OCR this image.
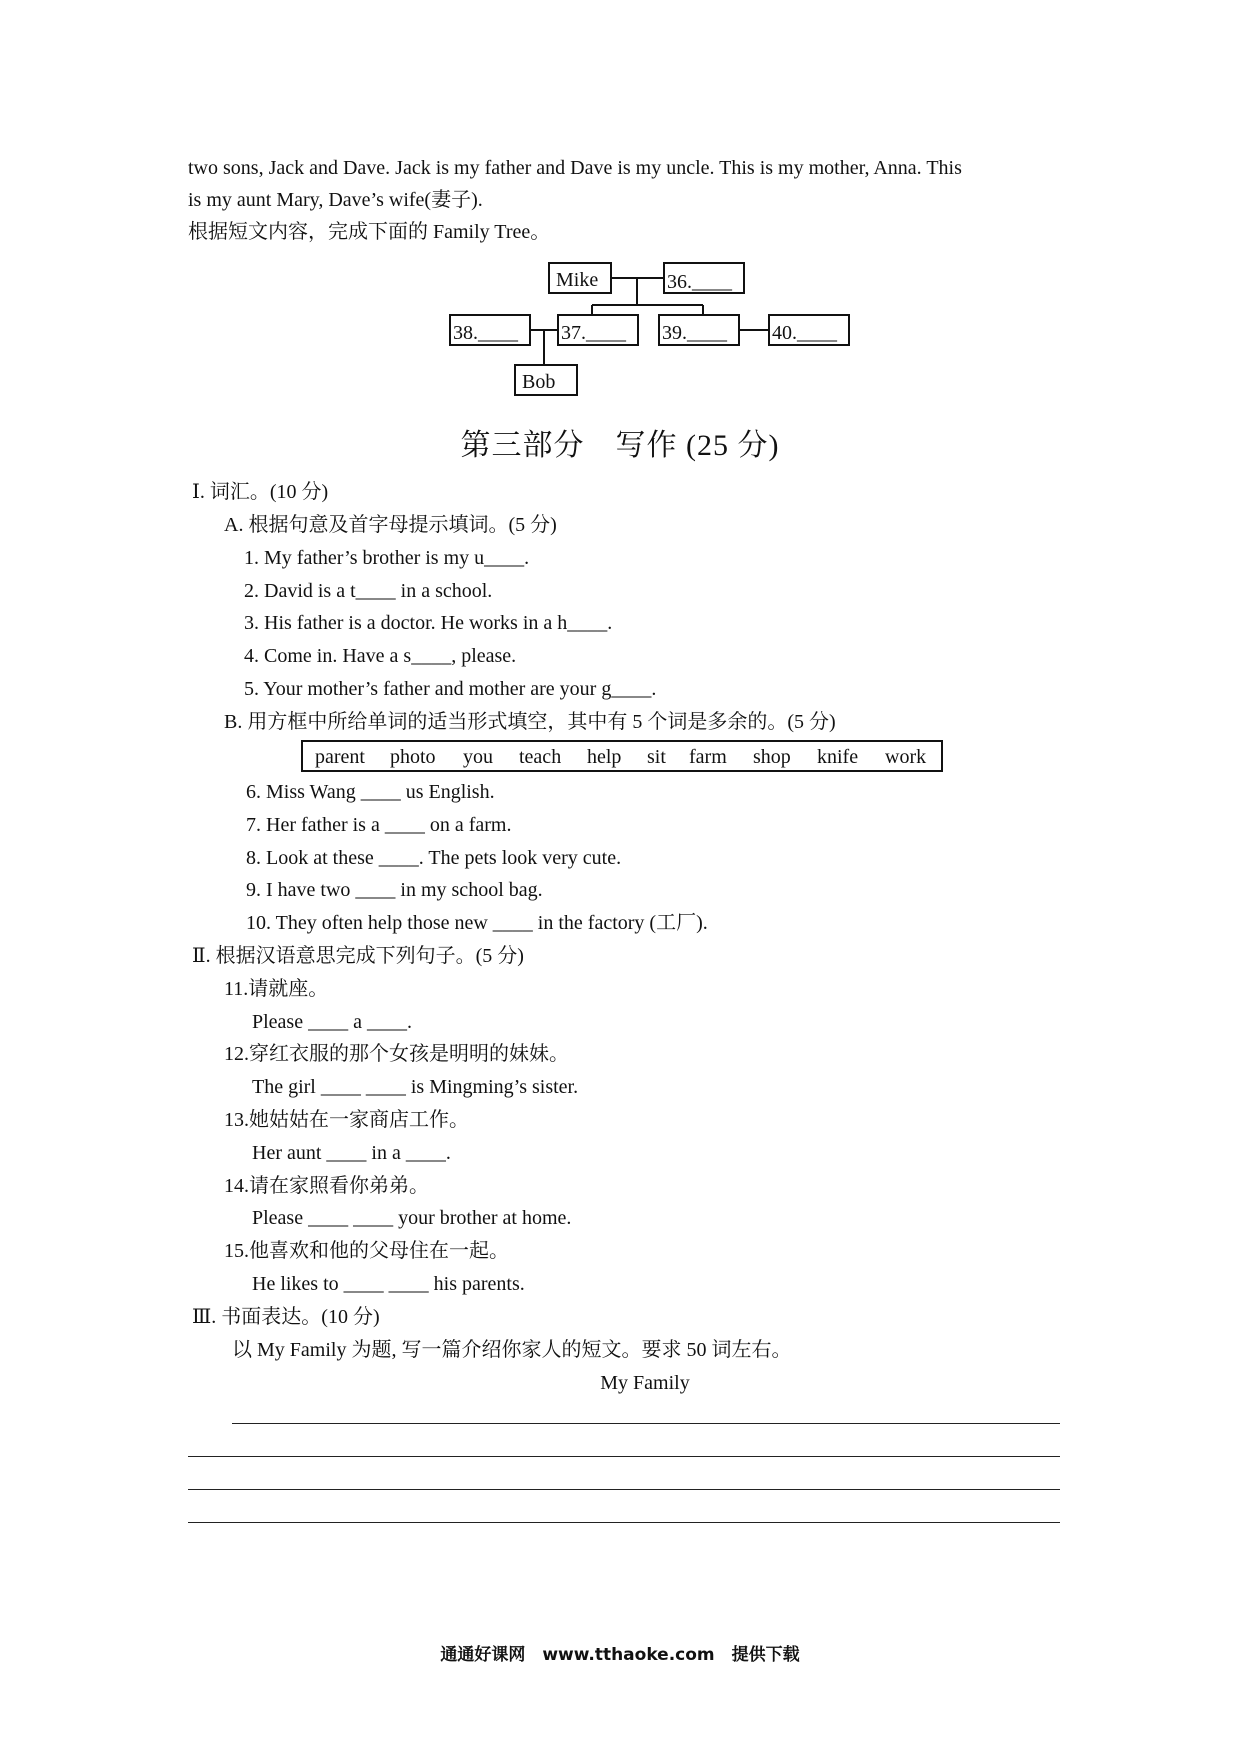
two sons, Jack and Dave. Jack is my father and Dave is my uncle. This is my mother, Anna. This
is my aunt Mary, Dave’s wife(妻子).
根据短文内容，完成下面的 Family Tree。
Mike	36.____
38.____ 37.____ 39.____ 40.____
Bob
第三部分　写作 (25 分)
Ⅰ. 词汇。(10 分)
A. 根据句意及首字母提示填词。(5 分)
1. My father’s brother is my u____.
2. David is a t____ in a school.
3. His father is a doctor. He works in a h____.
4. Come in. Have a s____, please.
5. Your mother’s father and mother are your g____.
B. 用方框中所给单词的适当形式填空，其中有 5 个词是多余的。(5 分)
parent photo you teach help sit farm shop knife work
6. Miss Wang ____ us English.
7. Her father is a ____ on a farm.
8. Look at these ____. The pets look very cute.
9. I have two ____ in my school bag.
10. They often help those new ____ in the factory (工厂).
Ⅱ. 根据汉语意思完成下列句子。(5 分)
11.请就座。
Please ____ a ____.
12.穿红衣服的那个女孩是明明的妹妹。
The girl ____ ____ is Mingming’s sister.
13.她姑姑在一家商店工作。
Her aunt ____ in a ____.
14.请在家照看你弟弟。
Please ____ ____ your brother at home.
15.他喜欢和他的父母住在一起。
He likes to ____ ____ his parents.
Ⅲ. 书面表达。(10 分)
以 My Family 为题, 写一篇介绍你家人的短文。要求 50 词左右。
My Family
通通好课网　www.tthaoke.com　提供下载
